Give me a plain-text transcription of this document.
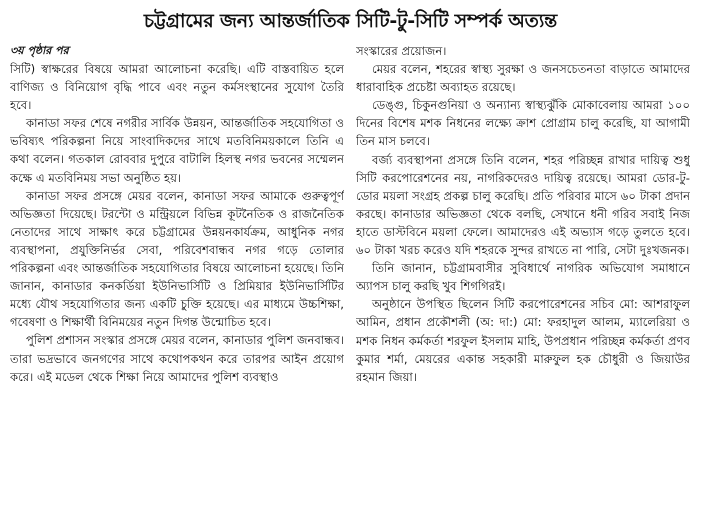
চট্টগ্রামের জন্য আন্তর্জাতিক সিটি-টু-সিটি সম্পর্ক অত্যন্ত
৩য় পৃষ্ঠার পর

সিটি) স্বাক্ষরের বিষয়ে আমরা আলোচনা করেছি। এটি বাস্তবায়িত হলে বাণিজ্য ও বিনিয়োগ বৃদ্ধি পাবে এবং নতুন কর্মসংস্থানের সুযোগ তৈরি হবে।

কানাডা সফর শেষে নগরীর সার্বিক উন্নয়ন, আন্তর্জাতিক সহযোগিতা ও ভবিষ্যৎ পরিকল্পনা নিয়ে সাংবাদিকদের সাথে মতবিনিময়কালে তিনি এ কথা বলেন। গতকাল রোববার দুপুরে বাটালি হিলস্থ নগর ভবনের সম্মেলন কক্ষে এ মতবিনিময় সভা অনুষ্ঠিত হয়।

কানাডা সফর প্রসঙ্গে মেয়র বলেন, কানাডা সফর আমাকে গুরুত্বপূর্ণ অভিজ্ঞতা দিয়েছে। টরন্টো ও মন্ট্রিয়লে বিভিন্ন কূটনৈতিক ও রাজনৈতিক নেতাদের সাথে সাক্ষাৎ করে চট্টগ্রামের উন্নয়নকার্যক্রম, আধুনিক নগর ব্যবস্থাপনা, প্রযুক্তিনির্ভর সেবা, পরিবেশবান্ধব নগর গড়ে তোলার পরিকল্পনা এবং আন্তর্জাতিক সহযোগিতার বিষয়ে আলোচনা হয়েছে। তিনি জানান, কানাডার কনকর্ডিয়া ইউনিভার্সিটি ও প্রিমিয়ার ইউনিভার্সিটির মধ্যে যৌথ সহযোগিতার জন্য একটি চুক্তি হয়েছে। এর মাধ্যমে উচ্চশিক্ষা, গবেষণা ও শিক্ষার্থী বিনিময়ের নতুন দিগন্ত উন্মোচিত হবে।

পুলিশ প্রশাসন সংস্কার প্রসঙ্গে মেয়র বলেন, কানাডার পুলিশ জনবান্ধব। তারা ভদ্রভাবে জনগণের সাথে কথোপকথন করে তারপর আইন প্রয়োগ করে। এই মডেল থেকে শিক্ষা নিয়ে আমাদের পুলিশ ব্যবস্থাও

সংস্কারের প্রয়োজন।

মেয়র বলেন, শহরের স্বাস্থ্য সুরক্ষা ও জনসচেতনতা বাড়াতে আমাদের ধারাবাহিক প্রচেষ্টা অব্যাহত রয়েছে।

ডেঙ্গু, চিকুনগুনিয়া ও অন্যান্য স্বাস্থ্যঝুঁকি মোকাবেলায় আমরা ১০০ দিনের বিশেষ মশক নিধনের লক্ষ্যে ক্রাশ প্রোগ্রাম চালু করেছি, যা আগামী তিন মাস চলবে।

বর্জ্য ব্যবস্থাপনা প্রসঙ্গে তিনি বলেন, শহর পরিচ্ছন্ন রাখার দায়িত্ব শুধু সিটি করপোরেশনের নয়, নাগরিকদেরও দায়িত্ব রয়েছে। আমরা ডোর-টু-ডোর ময়লা সংগ্রহ প্রকল্প চালু করেছি। প্রতি পরিবার মাসে ৬০ টাকা প্রদান করছে। কানাডার অভিজ্ঞতা থেকে বলছি, সেখানে ধনী গরিব সবাই নিজ হাতে ডাস্টবিনে ময়লা ফেলে। আমাদেরও এই অভ্যাস গড়ে তুলতে হবে। ৬০ টাকা খরচ করেও যদি শহরকে সুন্দর রাখতে না পারি, সেটা দুঃখজনক।

তিনি জানান, চট্টগ্রামবাসীর সুবিধার্থে নাগরিক অভিযোগ সমাধানে অ্যাপস চালু করছি খুব শিগগিরই।

অনুষ্ঠানে উপস্থিত ছিলেন সিটি করপোরেশনের সচিব মো: আশরাফুল আমিন, প্রধান প্রকৌশলী (অ: দা:) মো: ফরহাদুল আলম, ম্যালেরিয়া ও মশক নিধন কর্মকর্তা শরফুল ইসলাম মাহি, উপপ্রধান পরিচ্ছন্ন কর্মকর্তা প্রণব কুমার শর্মা, মেয়রের একান্ত সহকারী মারুফুল হক চৌধুরী ও জিয়াউর রহমান জিয়া।
